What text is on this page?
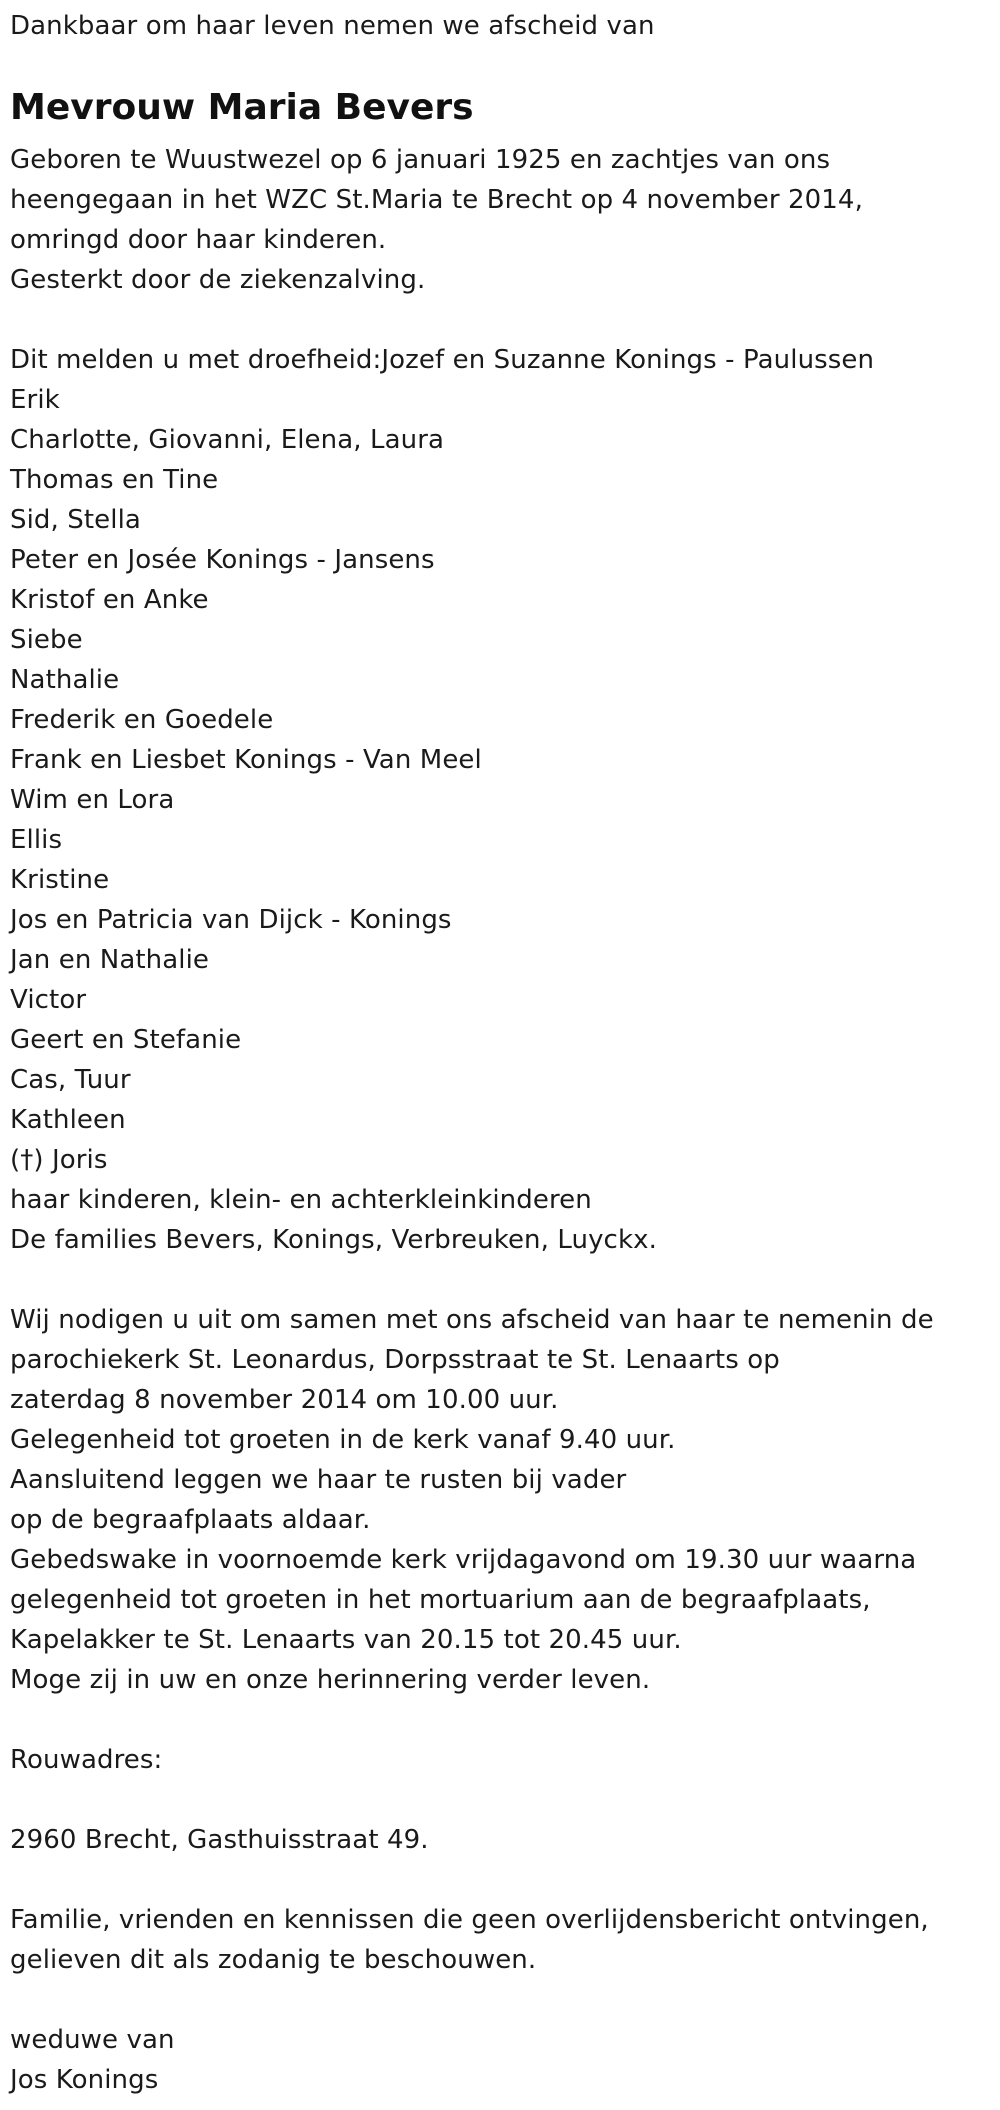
Dankbaar om haar leven nemen we afscheid van
Mevrouw Maria Bevers
Geboren te Wuustwezel op 6 januari 1925 en zachtjes van ons
heengegaan in het WZC St.Maria te Brecht op 4 november 2014,
omringd door haar kinderen.
Gesterkt door de ziekenzalving.
Dit melden u met droefheid:Jozef en Suzanne Konings - Paulussen
Erik
Charlotte, Giovanni, Elena, Laura
Thomas en Tine
Sid, Stella
Peter en Josée Konings - Jansens
Kristof en Anke
Siebe
Nathalie
Frederik en Goedele
Frank en Liesbet Konings - Van Meel
Wim en Lora
Ellis
Kristine
Jos en Patricia van Dijck - Konings
Jan en Nathalie
Victor
Geert en Stefanie
Cas, Tuur
Kathleen
(†) Joris
haar kinderen, klein- en achterkleinkinderen
De families Bevers, Konings, Verbreuken, Luyckx.
Wij nodigen u uit om samen met ons afscheid van haar te nemenin de
parochiekerk St. Leonardus, Dorpsstraat te St. Lenaarts op
zaterdag 8 november 2014 om 10.00 uur.
Gelegenheid tot groeten in de kerk vanaf 9.40 uur.
Aansluitend leggen we haar te rusten bij vader
op de begraafplaats aldaar.
Gebedswake in voornoemde kerk vrijdagavond om 19.30 uur waarna
gelegenheid tot groeten in het mortuarium aan de begraafplaats,
Kapelakker te St. Lenaarts van 20.15 tot 20.45 uur.
Moge zij in uw en onze herinnering verder leven.
Rouwadres:
2960 Brecht, Gasthuisstraat 49.
Familie, vrienden en kennissen die geen overlijdensbericht ontvingen,
gelieven dit als zodanig te beschouwen.
weduwe van
Jos Konings
